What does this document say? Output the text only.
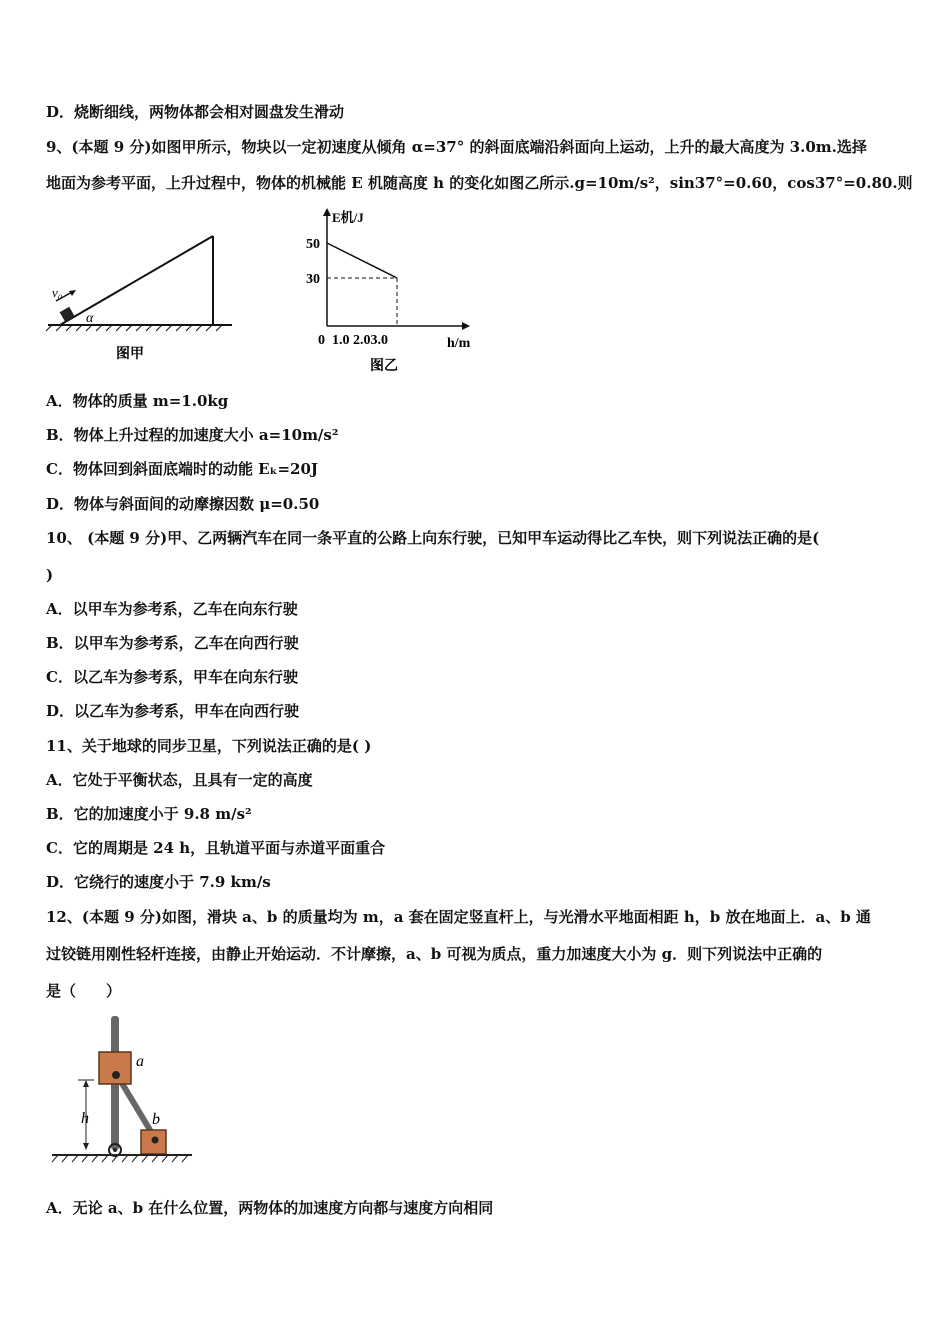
D．烧断细线，两物体都会相对圆盘发生滑动
9、(本题 9 分)如图甲所示，物块以一定初速度从倾角 α=37° 的斜面底端沿斜面向上运动，上升的最大高度为 3.0m.选择
地面为参考平面，上升过程中，物体的机械能 E 机随高度 h 的变化如图乙所示.g=10m/s²，sin37°=0.60，cos37°=0.80.则
v₀
α
图甲
E机/J
50
30
0  1.0 2.03.0	h/m
图乙
A．物体的质量 m=1.0kg
B．物体上升过程的加速度大小 a=10m/s²
C．物体回到斜面底端时的动能 Eₖ=20J
D．物体与斜面间的动摩擦因数 μ=0.50
10、 (本题 9 分)甲、乙两辆汽车在同一条平直的公路上向东行驶，已知甲车运动得比乙车快，则下列说法正确的是(
)
A．以甲车为参考系，乙车在向东行驶
B．以甲车为参考系，乙车在向西行驶
C．以乙车为参考系，甲车在向东行驶
D．以乙车为参考系，甲车在向西行驶
11、关于地球的同步卫星，下列说法正确的是( )
A．它处于平衡状态，且具有一定的高度
B．它的加速度小于 9.8 m/s²
C．它的周期是 24 h，且轨道平面与赤道平面重合
D．它绕行的速度小于 7.9 km/s
12、(本题 9 分)如图，滑块 a、b 的质量均为 m，a 套在固定竖直杆上，与光滑水平地面相距 h，b 放在地面上．a、b 通
过铰链用刚性轻杆连接，由静止开始运动．不计摩擦，a、b 可视为质点，重力加速度大小为 g．则下列说法中正确的
是（　　）
h
a
b
A．无论 a、b 在什么位置，两物体的加速度方向都与速度方向相同
